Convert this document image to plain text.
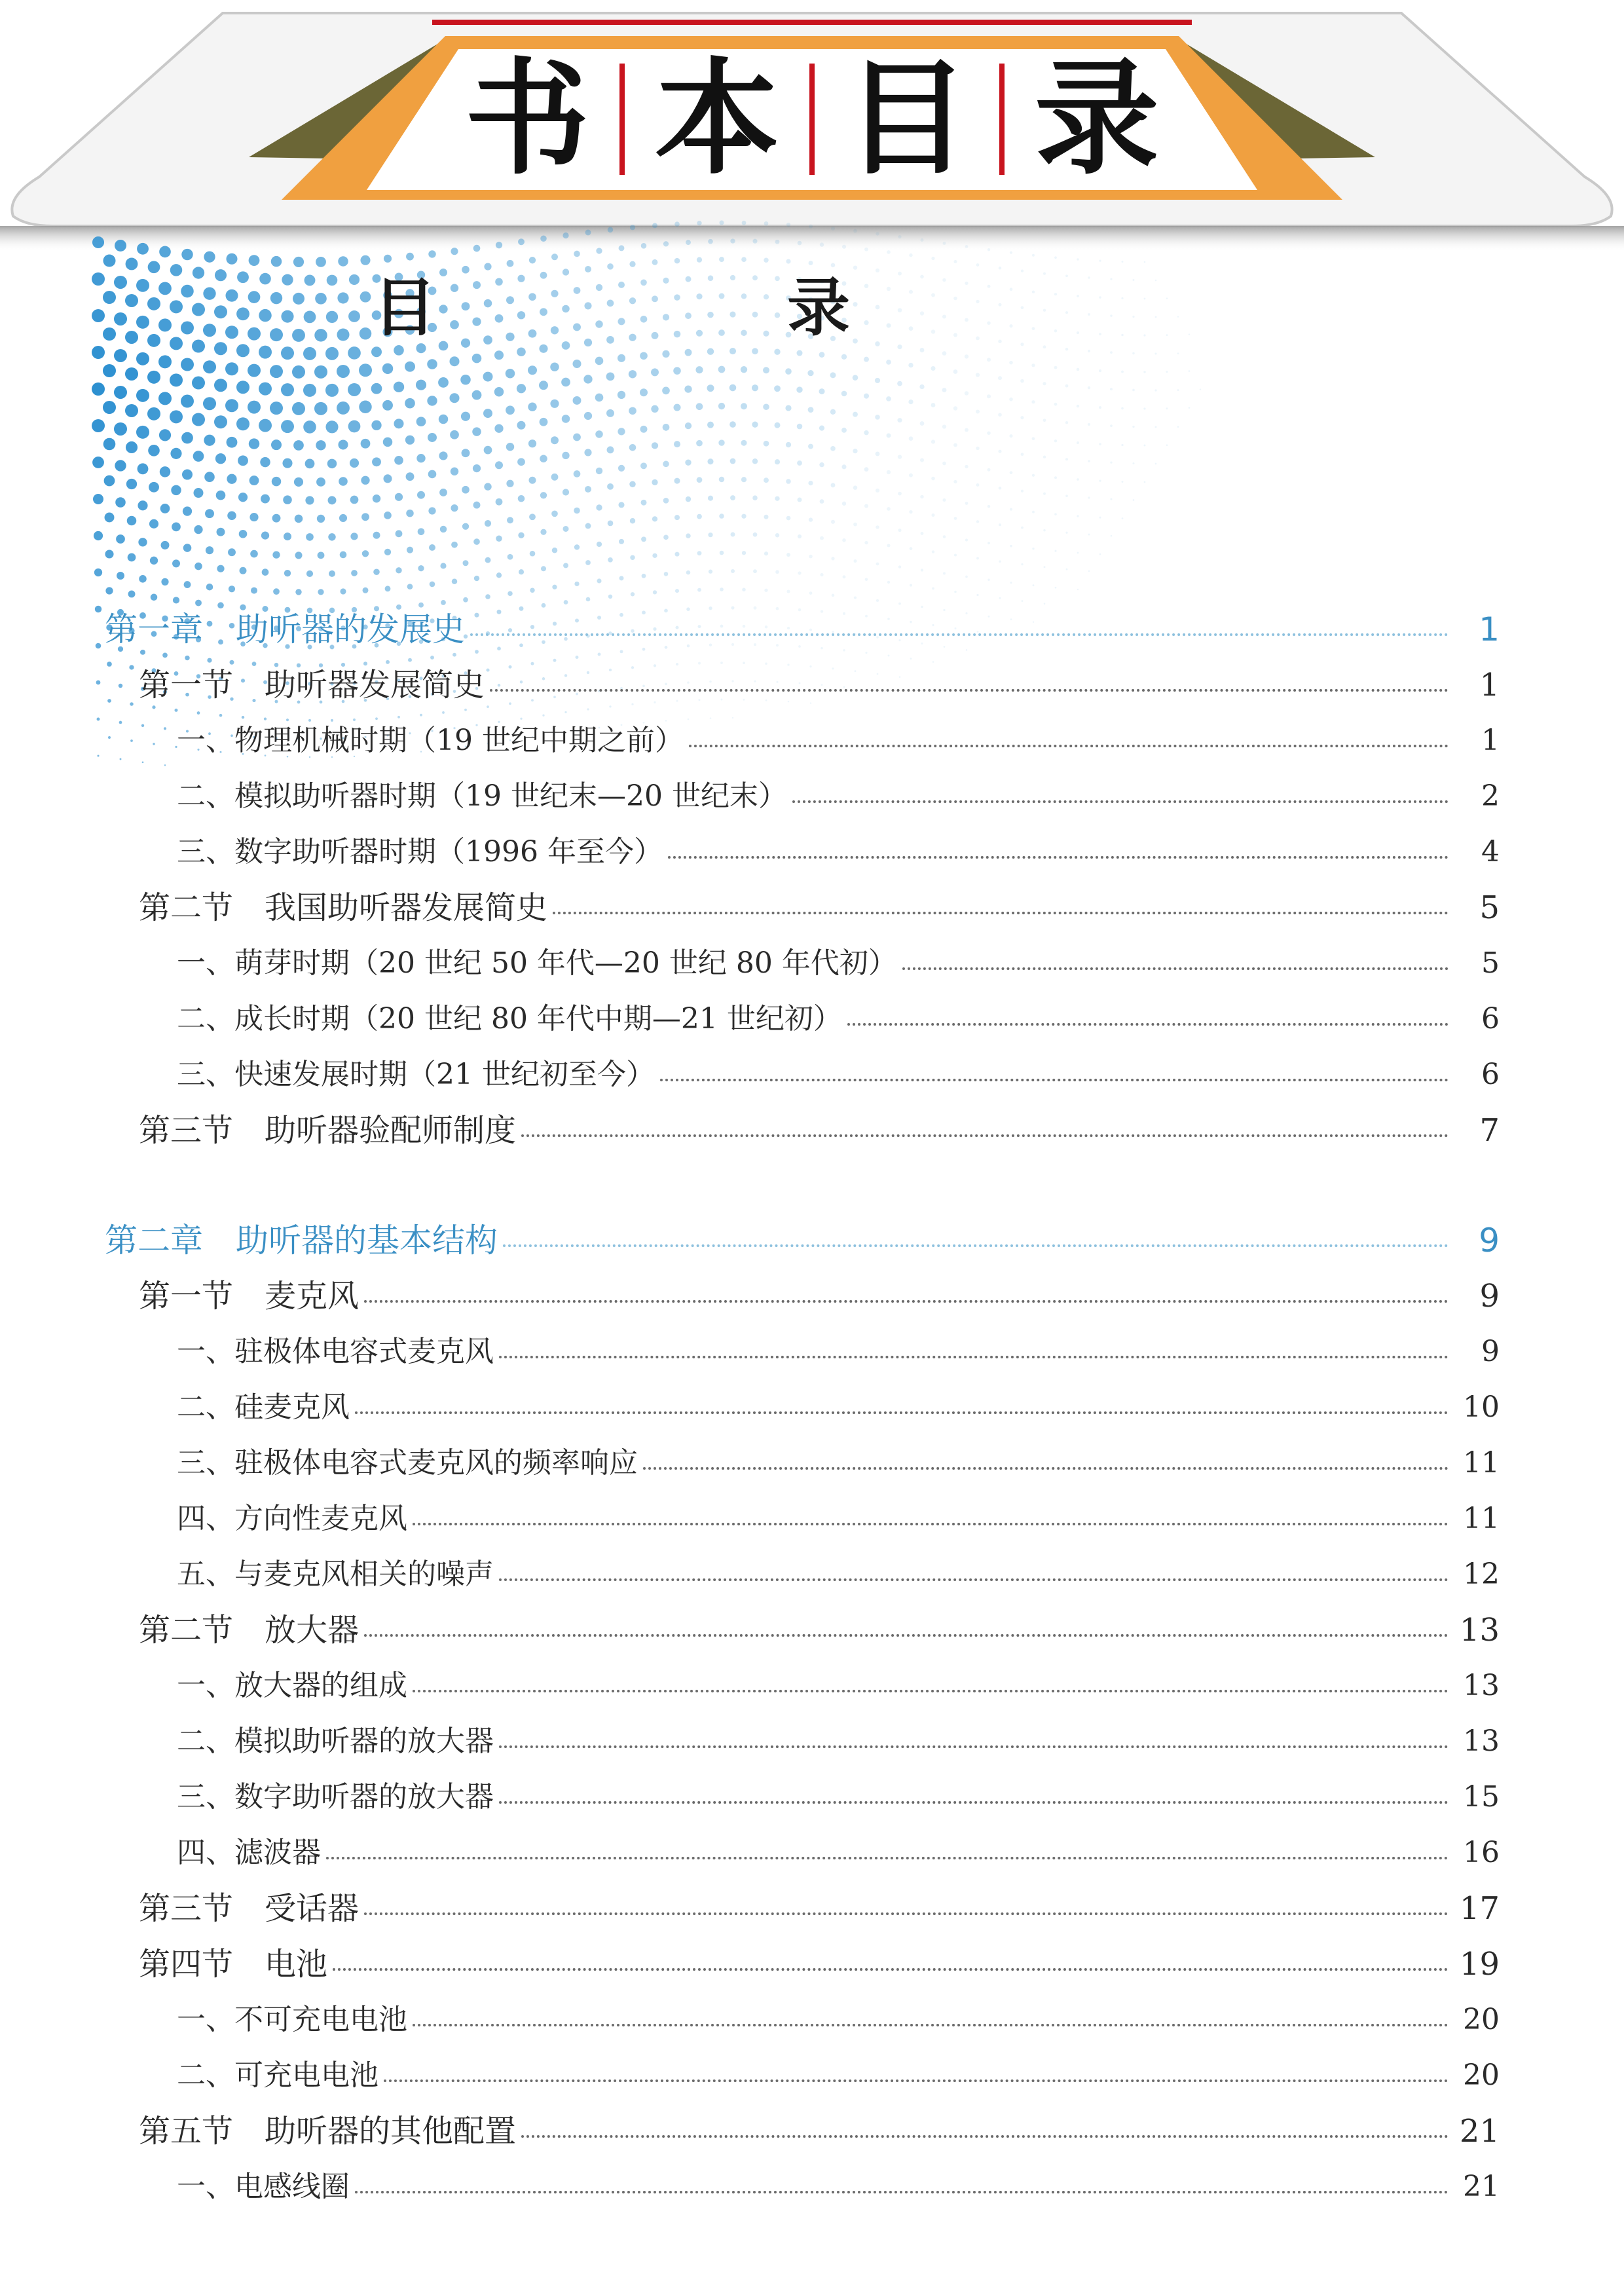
书 本 目 录
目　录
第一章　助听器的发展史	1
第一节　助听器发展简史	1
一、物理机械时期（19 世纪中期之前）	1
二、模拟助听器时期（19 世纪末—20 世纪末）	2
三、数字助听器时期（1996 年至今）	4
第二节　我国助听器发展简史	5
一、萌芽时期（20 世纪 50 年代—20 世纪 80 年代初）	5
二、成长时期（20 世纪 80 年代中期—21 世纪初）	6
三、快速发展时期（21 世纪初至今）	6
第三节　助听器验配师制度	7
第二章　助听器的基本结构	9
第一节　麦克风	9
一、驻极体电容式麦克风	9
二、硅麦克风	10
三、驻极体电容式麦克风的频率响应	11
四、方向性麦克风	11
五、与麦克风相关的噪声	12
第二节　放大器	13
一、放大器的组成	13
二、模拟助听器的放大器	13
三、数字助听器的放大器	15
四、滤波器	16
第三节　受话器	17
第四节　电池	19
一、不可充电电池	20
二、可充电电池	20
第五节　助听器的其他配置	21
一、电感线圈	21
